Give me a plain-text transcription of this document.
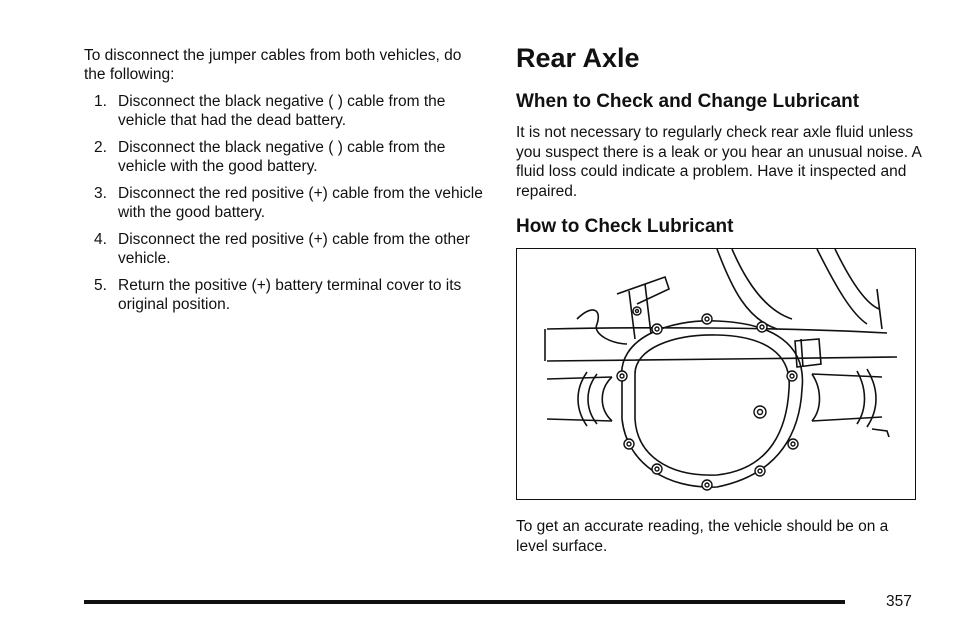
To disconnect the jumper cables from both vehicles, do the following:

1. Disconnect the black negative ( ) cable from the vehicle that had the dead battery.
2. Disconnect the black negative ( ) cable from the vehicle with the good battery.
3. Disconnect the red positive (+) cable from the vehicle with the good battery.
4. Disconnect the red positive (+) cable from the other vehicle.
5. Return the positive (+) battery terminal cover to its original position.
Rear Axle
When to Check and Change Lubricant

It is not necessary to regularly check rear axle fluid unless you suspect there is a leak or you hear an unusual noise. A fluid loss could indicate a problem. Have it inspected and repaired.

How to Check Lubricant

To get an accurate reading, the vehicle should be on a level surface.

357
